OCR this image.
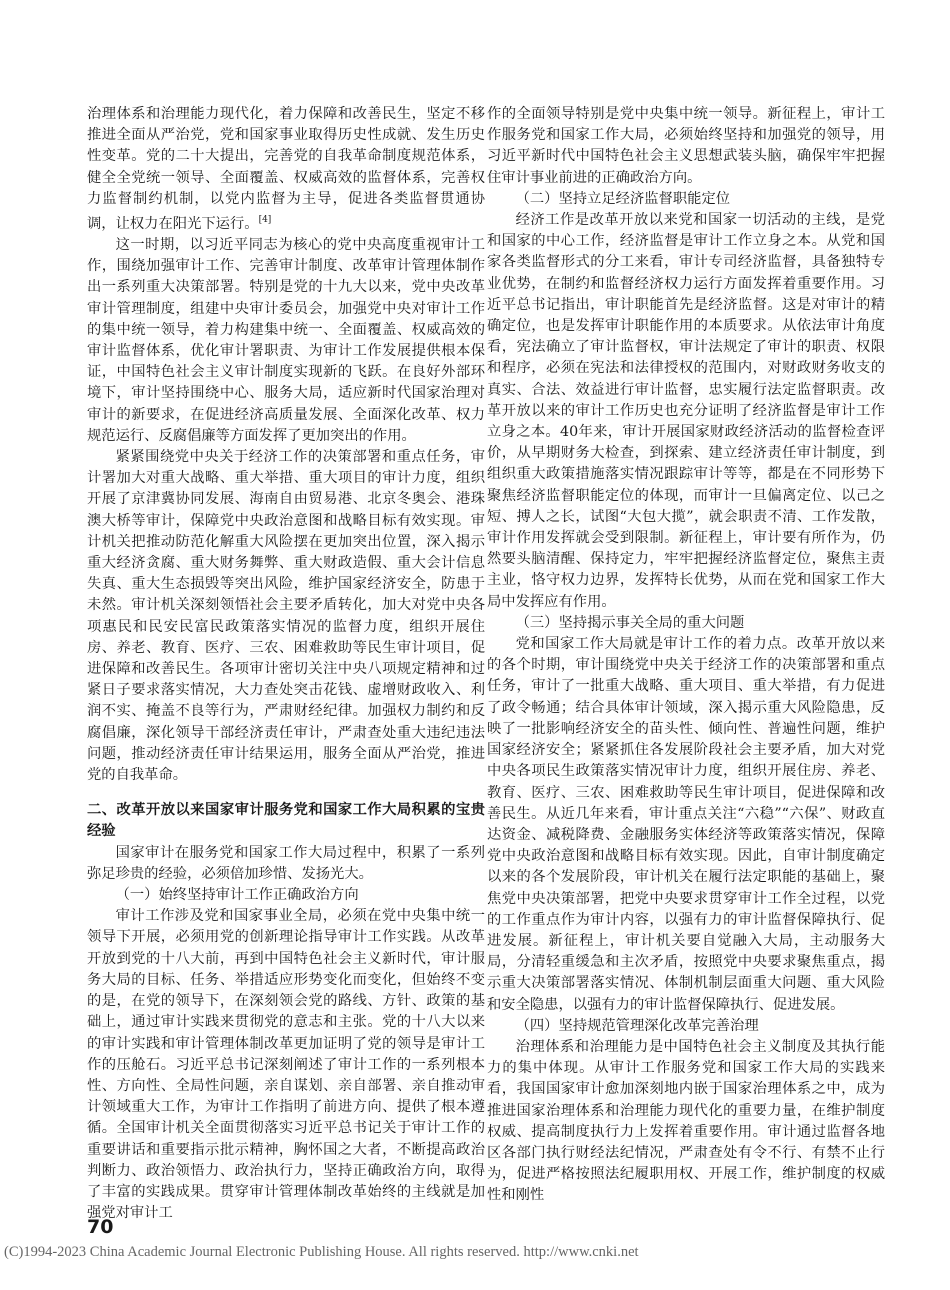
治理体系和治理能力现代化，着力保障和改善民生，坚定不移推进全面从严治党，党和国家事业取得历史性成就、发生历史性变革。党的二十大提出，完善党的自我革命制度规范体系，健全全党统一领导、全面覆盖、权威高效的监督体系，完善权力监督制约机制，以党内监督为主导，促进各类监督贯通协调，让权力在阳光下运行。[4]

这一时期，以习近平同志为核心的党中央高度重视审计工作，围绕加强审计工作、完善审计制度、改革审计管理体制作出一系列重大决策部署。特别是党的十九大以来，党中央改革审计管理制度，组建中央审计委员会，加强党中央对审计工作的集中统一领导，着力构建集中统一、全面覆盖、权威高效的审计监督体系，优化审计署职责、为审计工作发展提供根本保证，中国特色社会主义审计制度实现新的飞跃。在良好外部环境下，审计坚持围绕中心、服务大局，适应新时代国家治理对审计的新要求，在促进经济高质量发展、全面深化改革、权力规范运行、反腐倡廉等方面发挥了更加突出的作用。

紧紧围绕党中央关于经济工作的决策部署和重点任务，审计署加大对重大战略、重大举措、重大项目的审计力度，组织开展了京津冀协同发展、海南自由贸易港、北京冬奥会、港珠澳大桥等审计，保障党中央政治意图和战略目标有效实现。审计机关把推动防范化解重大风险摆在更加突出位置，深入揭示重大经济贪腐、重大财务舞弊、重大财政造假、重大会计信息失真、重大生态损毁等突出风险，维护国家经济安全，防患于未然。审计机关深刻领悟社会主要矛盾转化，加大对党中央各项惠民和民安民富民政策落实情况的监督力度，组织开展住房、养老、教育、医疗、三农、困难救助等民生审计项目，促进保障和改善民生。各项审计密切关注中央八项规定精神和过紧日子要求落实情况，大力查处突击花钱、虚增财政收入、利润不实、掩盖不良等行为，严肃财经纪律。加强权力制约和反腐倡廉，深化领导干部经济责任审计，严肃查处重大违纪违法问题，推动经济责任审计结果运用，服务全面从严治党，推进党的自我革命。

二、改革开放以来国家审计服务党和国家工作大局积累的宝贵经验

国家审计在服务党和国家工作大局过程中，积累了一系列弥足珍贵的经验，必须倍加珍惜、发扬光大。

（一）始终坚持审计工作正确政治方向

审计工作涉及党和国家事业全局，必须在党中央集中统一领导下开展，必须用党的创新理论指导审计工作实践。从改革开放到党的十八大前，再到中国特色社会主义新时代，审计服务大局的目标、任务、举措适应形势变化而变化，但始终不变的是，在党的领导下，在深刻领会党的路线、方针、政策的基础上，通过审计实践来贯彻党的意志和主张。党的十八大以来的审计实践和审计管理体制改革更加证明了党的领导是审计工作的压舱石。习近平总书记深刻阐述了审计工作的一系列根本性、方向性、全局性问题，亲自谋划、亲自部署、亲自推动审计领域重大工作，为审计工作指明了前进方向、提供了根本遵循。全国审计机关全面贯彻落实习近平总书记关于审计工作的重要讲话和重要指示批示精神，胸怀国之大者，不断提高政治判断力、政治领悟力、政治执行力，坚持正确政治方向，取得了丰富的实践成果。贯穿审计管理体制改革始终的主线就是加强党对审计工

作的全面领导特别是党中央集中统一领导。新征程上，审计工作服务党和国家工作大局，必须始终坚持和加强党的领导，用习近平新时代中国特色社会主义思想武装头脑，确保牢牢把握住审计事业前进的正确政治方向。

（二）坚持立足经济监督职能定位

经济工作是改革开放以来党和国家一切活动的主线，是党和国家的中心工作，经济监督是审计工作立身之本。从党和国家各类监督形式的分工来看，审计专司经济监督，具备独特专业优势，在制约和监督经济权力运行方面发挥着重要作用。习近平总书记指出，审计职能首先是经济监督。这是对审计的精确定位，也是发挥审计职能作用的本质要求。从依法审计角度看，宪法确立了审计监督权，审计法规定了审计的职责、权限和程序，必须在宪法和法律授权的范围内，对财政财务收支的真实、合法、效益进行审计监督，忠实履行法定监督职责。改革开放以来的审计工作历史也充分证明了经济监督是审计工作立身之本。40年来，审计开展国家财政经济活动的监督检查评价，从早期财务大检查，到探索、建立经济责任审计制度，到组织重大政策措施落实情况跟踪审计等等，都是在不同形势下聚焦经济监督职能定位的体现，而审计一旦偏离定位、以己之短、搏人之长，试图“大包大揽”，就会职责不清、工作发散，审计作用发挥就会受到限制。新征程上，审计要有所作为，仍然要头脑清醒、保持定力，牢牢把握经济监督定位，聚焦主责主业，恪守权力边界，发挥特长优势，从而在党和国家工作大局中发挥应有作用。

（三）坚持揭示事关全局的重大问题

党和国家工作大局就是审计工作的着力点。改革开放以来的各个时期，审计围绕党中央关于经济工作的决策部署和重点任务，审计了一批重大战略、重大项目、重大举措，有力促进了政令畅通；结合具体审计领域，深入揭示重大风险隐患，反映了一批影响经济安全的苗头性、倾向性、普遍性问题，维护国家经济安全；紧紧抓住各发展阶段社会主要矛盾，加大对党中央各项民生政策落实情况审计力度，组织开展住房、养老、教育、医疗、三农、困难救助等民生审计项目，促进保障和改善民生。从近几年来看，审计重点关注“六稳”“六保”、财政直达资金、减税降费、金融服务实体经济等政策落实情况，保障党中央政治意图和战略目标有效实现。因此，自审计制度确定以来的各个发展阶段，审计机关在履行法定职能的基础上，聚焦党中央决策部署，把党中央要求贯穿审计工作全过程，以党的工作重点作为审计内容，以强有力的审计监督保障执行、促进发展。新征程上，审计机关要自觉融入大局，主动服务大局，分清轻重缓急和主次矛盾，按照党中央要求聚焦重点，揭示重大决策部署落实情况、体制机制层面重大问题、重大风险和安全隐患，以强有力的审计监督保障执行、促进发展。

（四）坚持规范管理深化改革完善治理

治理体系和治理能力是中国特色社会主义制度及其执行能力的集中体现。从审计工作服务党和国家工作大局的实践来看，我国国家审计愈加深刻地内嵌于国家治理体系之中，成为推进国家治理体系和治理能力现代化的重要力量，在维护制度权威、提高制度执行力上发挥着重要作用。审计通过监督各地区各部门执行财经法纪情况，严肃查处有令不行、有禁不止行为，促进严格按照法纪履职用权、开展工作，维护制度的权威性和刚性

70
(C)1994-2023 China Academic Journal Electronic Publishing House. All rights reserved. http://www.cnki.net
